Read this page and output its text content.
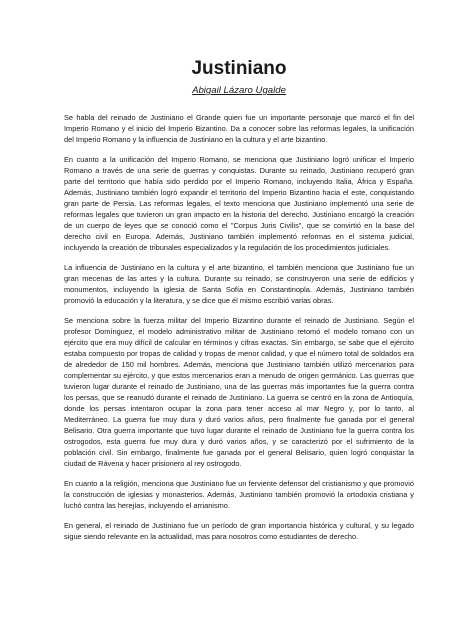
Justiniano
Abigail Lázaro Ugalde

Se habla del reinado de Justiniano el Grande quien fue un importante personaje que marcó el fin del Imperio Romano y el inicio del Imperio Bizantino. Da a conocer sobre las reformas legales, la unificación del Imperio Romano y la influencia de Justiniano en la cultura y el arte bizantino.

En cuanto a la unificación del Imperio Romano, se menciona que Justiniano logró unificar el Imperio Romano a través de una serie de guerras y conquistas. Durante su reinado, Justiniano recuperó gran parte del territorio que había sido perdido por el Imperio Romano, incluyendo Italia, África y España. Además, Justiniano también logró expandir el territorio del Imperio Bizantino hacia el este, conquistando gran parte de Persia. Las reformas legales, el texto menciona que Justiniano implementó una serie de reformas legales que tuvieron un gran impacto en la historia del derecho. Justiniano encargó la creación de un cuerpo de leyes que se conoció como el "Corpus Juris Civilis", que se convirtió en la base del derecho civil en Europa. Además, Justiniano también implementó reformas en el sistema judicial, incluyendo la creación de tribunales especializados y la regulación de los procedimientos judiciales.

La influencia de Justiniano en la cultura y el arte bizantino, el también menciona que Justiniano fue un gran mecenas de las artes y la cultura. Durante su reinado, se construyeron una serie de edificios y monumentos, incluyendo la iglesia de Santa Sofía en Constantinopla. Además, Justiniano también promovió la educación y la literatura, y se dice que él mismo escribió varias obras.

Se menciona sobre la fuerza militar del Imperio Bizantino durante el reinado de Justiniano. Según el profesor Domínguez, el modelo administrativo militar de Justiniano retomó el modelo romano con un ejército que era muy difícil de calcular en términos y cifras exactas. Sin embargo, se sabe que el ejército estaba compuesto por tropas de calidad y tropas de menor calidad, y que el número total de soldados era de alrededor de 150 mil hombres. Además, menciona que Justiniano también utilizó mercenarios para complementar su ejército, y que estos mercenarios eran a menudo de origen germánico. Las guerras que tuvieron lugar durante el reinado de Justiniano, una de las guerras más importantes fue la guerra contra los persas, que se reanudó durante el reinado de Justiniano. La guerra se centró en la zona de Antioquía, donde los persas intentaron ocupar la zona para tener acceso al mar Negro y, por lo tanto, al Mediterráneo. La guerra fue muy dura y duró varios años, pero finalmente fue ganada por el general Belisario. Otra guerra importante que tuvo lugar durante el reinado de Justiniano fue la guerra contra los ostrogodos, esta guerra fue muy dura y duró varios años, y se caracterizó por el sufrimiento de la población civil. Sin embargo, finalmente fue ganada por el general Belisario, quien logró conquistar la ciudad de Rávena y hacer prisionero al rey ostrogodo.

En cuanto a la religión, menciona que Justiniano fue un ferviente defensor del cristianismo y que promovió la construcción de iglesias y monasterios. Además, Justiniano también promovió la ortodoxia cristiana y luchó contra las herejías, incluyendo el arrianismo.

En general, el reinado de Justiniano fue un período de gran importancia histórica y cultural, y su legado sigue siendo relevante en la actualidad, mas para nosotros como estudiantes de derecho.
